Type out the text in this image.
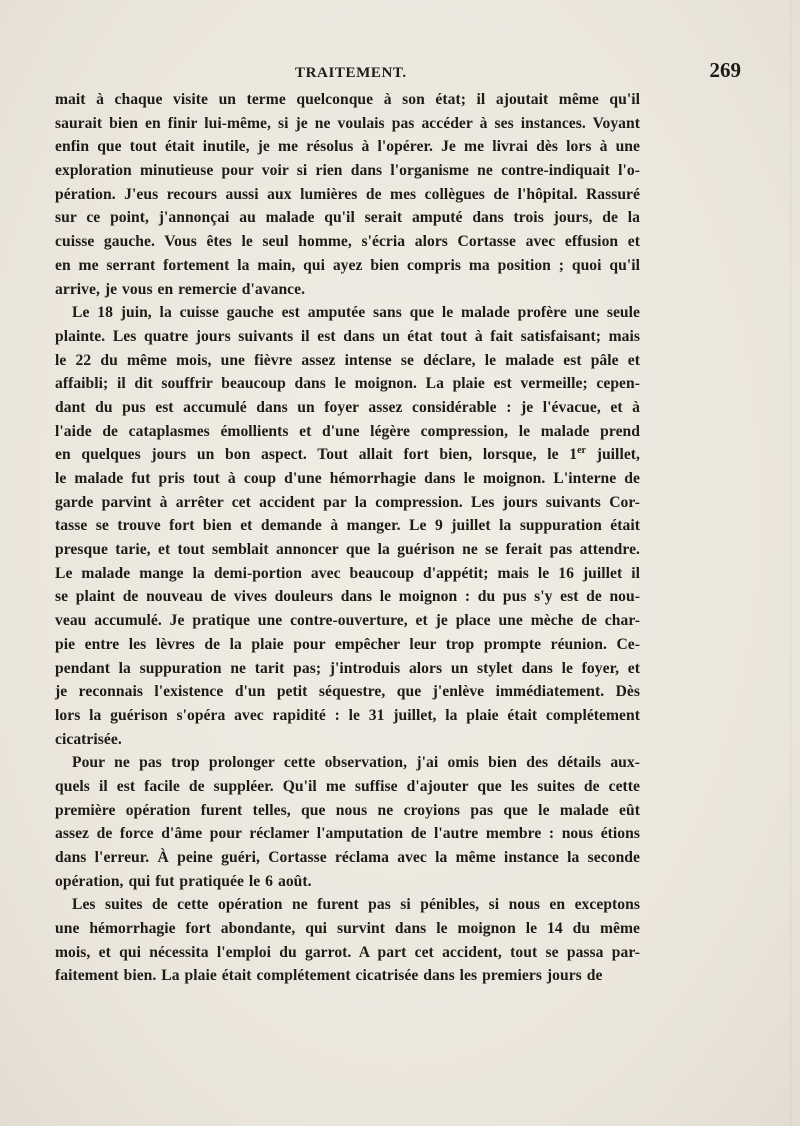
TRAITEMENT.	269
mait à chaque visite un terme quelconque à son état; il ajoutait même qu'il
saurait bien en finir lui-même, si je ne voulais pas accéder à ses instances. Voyant
enfin que tout était inutile, je me résolus à l'opérer. Je me livrai dès lors à une
exploration minutieuse pour voir si rien dans l'organisme ne contre-indiquait l'o-
pération. J'eus recours aussi aux lumières de mes collègues de l'hôpital. Rassuré
sur ce point, j'annonçai au malade qu'il serait amputé dans trois jours, de la
cuisse gauche. Vous êtes le seul homme, s'écria alors Cortasse avec effusion et
en me serrant fortement la main, qui ayez bien compris ma position ; quoi qu'il
arrive, je vous en remercie d'avance.
Le 18 juin, la cuisse gauche est amputée sans que le malade profère une seule
plainte. Les quatre jours suivants il est dans un état tout à fait satisfaisant; mais
le 22 du même mois, une fièvre assez intense se déclare, le malade est pâle et
affaibli; il dit souffrir beaucoup dans le moignon. La plaie est vermeille; cepen-
dant du pus est accumulé dans un foyer assez considérable : je l'évacue, et à
l'aide de cataplasmes émollients et d'une légère compression, le malade prend
en quelques jours un bon aspect. Tout allait fort bien, lorsque, le 1er juillet,
le malade fut pris tout à coup d'une hémorrhagie dans le moignon. L'interne de
garde parvint à arrêter cet accident par la compression. Les jours suivants Cor-
tasse se trouve fort bien et demande à manger. Le 9 juillet la suppuration était
presque tarie, et tout semblait annoncer que la guérison ne se ferait pas attendre.
Le malade mange la demi-portion avec beaucoup d'appétit; mais le 16 juillet il
se plaint de nouveau de vives douleurs dans le moignon : du pus s'y est de nou-
veau accumulé. Je pratique une contre-ouverture, et je place une mèche de char-
pie entre les lèvres de la plaie pour empêcher leur trop prompte réunion. Ce-
pendant la suppuration ne tarit pas; j'introduis alors un stylet dans le foyer, et
je reconnais l'existence d'un petit séquestre, que j'enlève immédiatement. Dès
lors la guérison s'opéra avec rapidité : le 31 juillet, la plaie était complétement
cicatrisée.
Pour ne pas trop prolonger cette observation, j'ai omis bien des détails aux-
quels il est facile de suppléer. Qu'il me suffise d'ajouter que les suites de cette
première opération furent telles, que nous ne croyions pas que le malade eût
assez de force d'âme pour réclamer l'amputation de l'autre membre : nous étions
dans l'erreur. À peine guéri, Cortasse réclama avec la même instance la seconde
opération, qui fut pratiquée le 6 août.
Les suites de cette opération ne furent pas si pénibles, si nous en exceptons
une hémorrhagie fort abondante, qui survint dans le moignon le 14 du même
mois, et qui nécessita l'emploi du garrot. A part cet accident, tout se passa par-
faitement bien. La plaie était complétement cicatrisée dans les premiers jours de
